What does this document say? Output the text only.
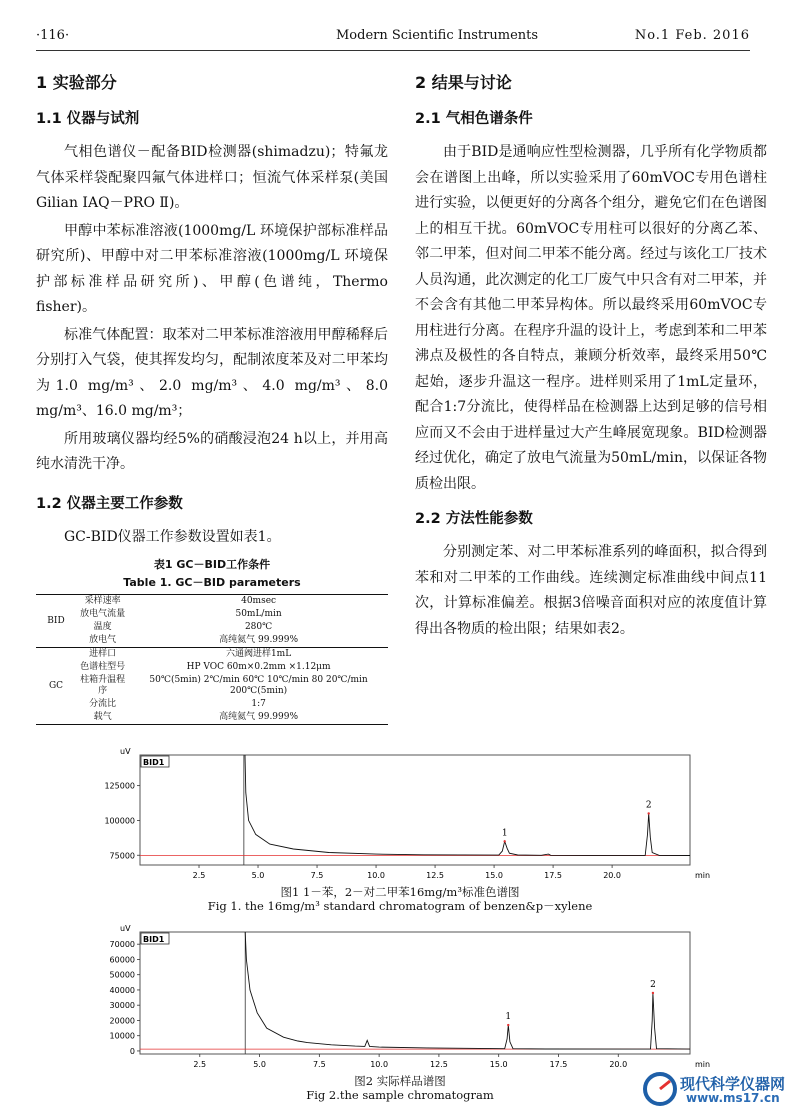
·116·	Modern Scientific Instruments	No.1 Feb. 2016
1 实验部分
1.1 仪器与试剂

气相色谱仪－配备BID检测器(shimadzu)；特氟龙气体采样袋配聚四氟气体进样口；恒流气体采样泵(美国Gilian IAQ－PRO Ⅱ)。

甲醇中苯标准溶液(1000mg/L 环境保护部标准样品研究所)、甲醇中对二甲苯标准溶液(1000mg/L 环境保护部标准样品研究所)、甲醇(色谱纯，Thermo fisher)。

标准气体配置：取苯对二甲苯标准溶液用甲醇稀释后分别打入气袋，使其挥发均匀，配制浓度苯及对二甲苯均为1.0 mg/m³、2.0 mg/m³、4.0 mg/m³、8.0 mg/m³、16.0 mg/m³；

所用玻璃仪器均经5%的硝酸浸泡24 h以上，并用高纯水清洗干净。

1.2 仪器主要工作参数

GC-BID仪器工作参数设置如表1。

表1 GC－BID工作条件
Table 1. GC－BID parameters
BID	采样速率	40msec
	放电气流量	50mL/min
	温度	280℃
	放电气	高纯氦气 99.999%
GC	进样口	六通阀进样1mL
	色谱柱型号	HP VOC 60m×0.2mm ×1.12μm
	柱箱升温程序	50℃(5min) 2℃/min 60℃ 10℃/min 80 20℃/min 200℃(5min)
	分流比	1:7
	载气	高纯氦气 99.999%
2 结果与讨论
2.1 气相色谱条件

由于BID是通响应性型检测器，几乎所有化学物质都会在谱图上出峰，所以实验采用了60mVOC专用色谱柱进行实验，以便更好的分离各个组分，避免它们在色谱图上的相互干扰。60mVOC专用柱可以很好的分离乙苯、邻二甲苯，但对间二甲苯不能分离。经过与该化工厂技术人员沟通，此次测定的化工厂废气中只含有对二甲苯，并不会含有其他二甲苯异构体。所以最终采用60mVOC专用柱进行分离。在程序升温的设计上，考虑到苯和二甲苯沸点及极性的各自特点，兼顾分析效率，最终采用50℃起始，逐步升温这一程序。进样则采用了1mL定量环，配合1:7分流比，使得样品在检测器上达到足够的信号相应而又不会由于进样量过大产生峰展宽现象。BID检测器经过优化，确定了放电气流量为50mL/min，以保证各物质检出限。

2.2 方法性能参数

分别测定苯、对二甲苯标准系列的峰面积，拟合得到苯和对二甲苯的工作曲线。连续测定标准曲线中间点11次，计算标准偏差。根据3倍噪音面积对应的浓度值计算得出各物质的检出限；结果如表2。

BID1
uV
min
2.5	5.0	7.5	10.0	12.5	15.0	17.5	20.0
75000
100000
125000
1
2
图1 1－苯，2－对二甲苯16mg/m³标准色谱图
Fig 1. the 16mg/m³ standard chromatogram of benzen&p－xylene
BID1
uV
min
2.5	5.0	7.5	10.0	12.5	15.0	17.5	20.0
0
10000
20000
30000
40000
50000
60000
70000
1
2
图2 实际样品谱图
Fig 2.the sample chromatogram
现代科学仪器网
www.ms17.cn
